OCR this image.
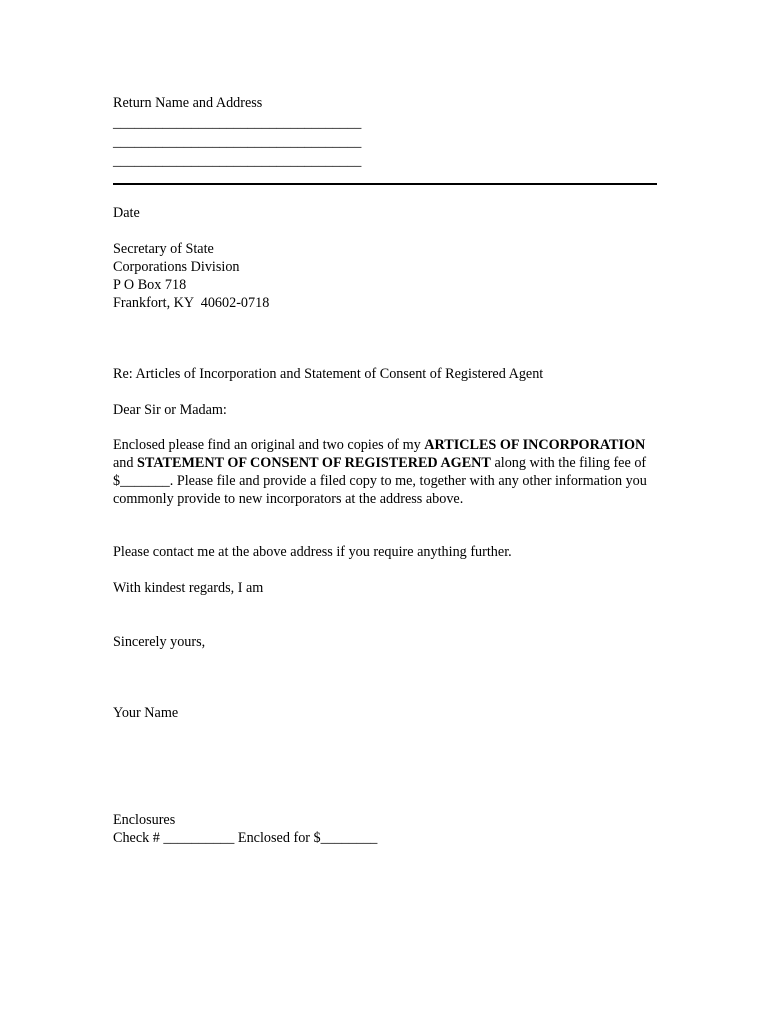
Return Name and Address
___________________________________
___________________________________
___________________________________
Date
Secretary of State
Corporations Division
P O Box 718
Frankfort, KY  40602-0718
Re: Articles of Incorporation and Statement of Consent of Registered Agent
Dear Sir or Madam:

Enclosed please find an original and two copies of my ARTICLES OF INCORPORATION and STATEMENT OF CONSENT OF REGISTERED AGENT along with the filing fee of $_______. Please file and provide a filed copy to me, together with any other information you commonly provide to new incorporators at the address above.

Please contact me at the above address if you require anything further.
With kindest regards, I am
Sincerely yours,
Your Name
Enclosures
Check # __________ Enclosed for $________
